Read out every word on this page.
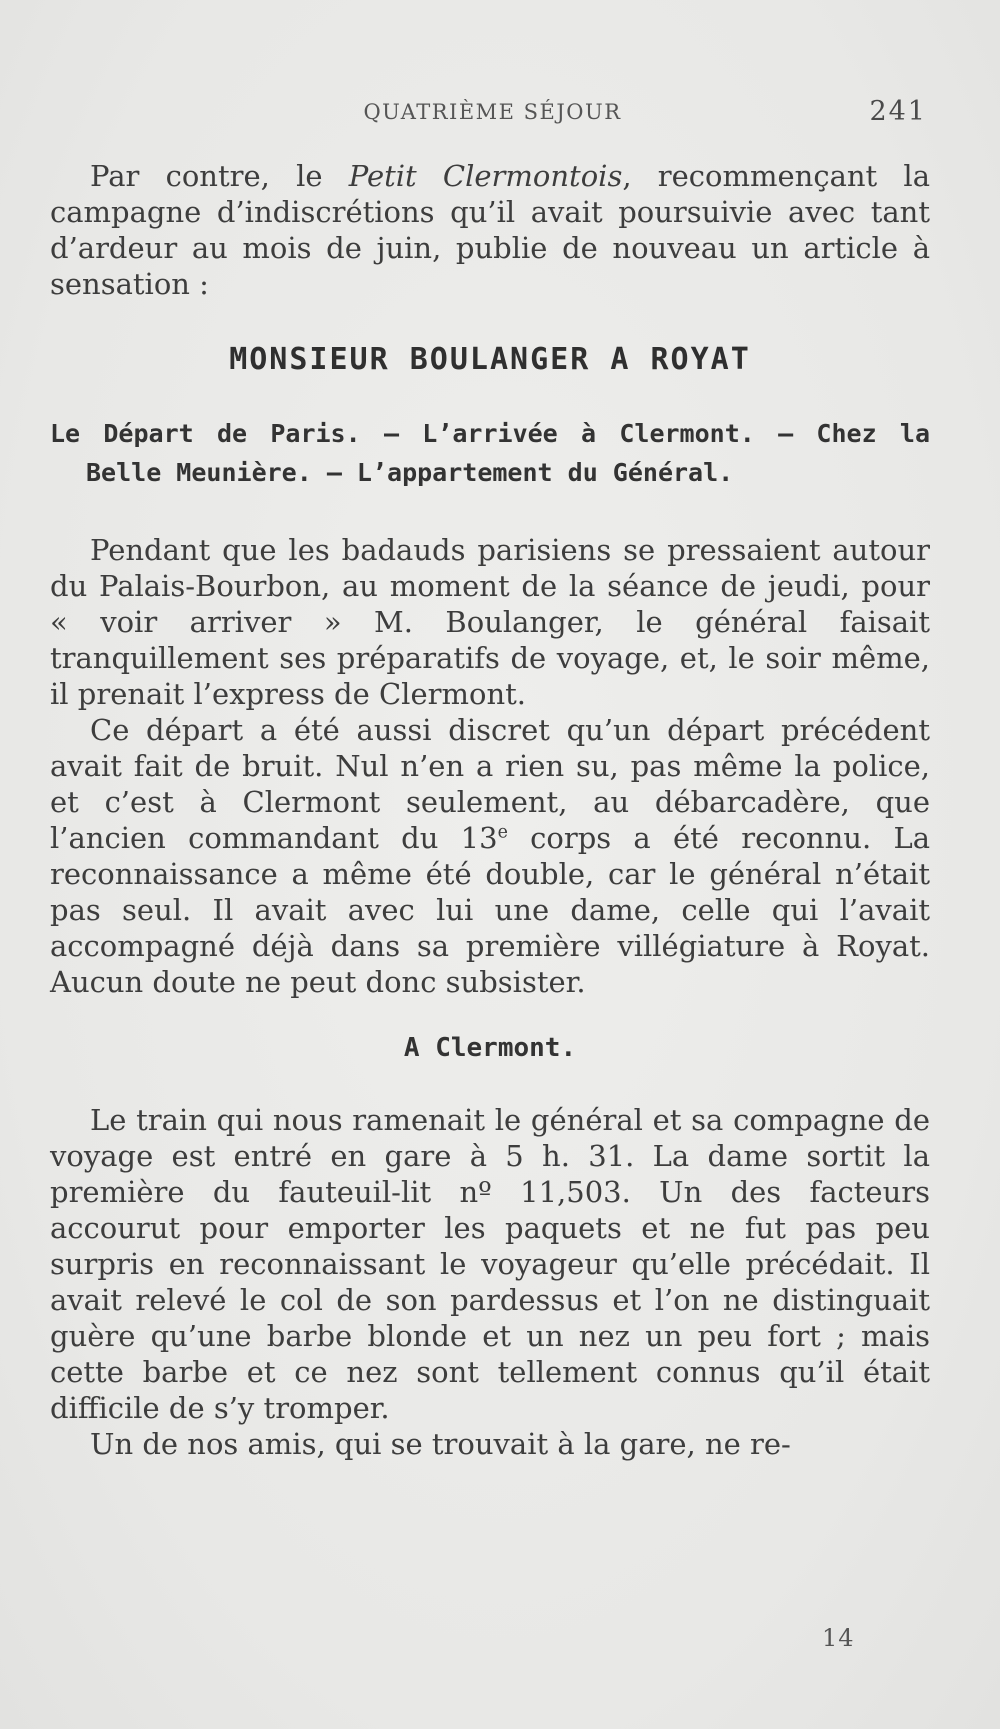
QUATRIÈME SÉJOUR	241

Par contre, le Petit Clermontois, recommençant la campagne d’indiscrétions qu’il avait poursuivie avec tant d’ardeur au mois de juin, publie de nouveau un article à sensation :

MONSIEUR BOULANGER A ROYAT
Le Départ de Paris. — L’arrivée à Clermont. — Chez la Belle Meunière. — L’appartement du Général.

Pendant que les badauds parisiens se pressaient autour du Palais-Bourbon, au moment de la séance de jeudi, pour « voir arriver » M. Boulanger, le général faisait tranquillement ses préparatifs de voyage, et, le soir même, il prenait l’express de Clermont.

Ce départ a été aussi discret qu’un départ précédent avait fait de bruit. Nul n’en a rien su, pas même la police, et c’est à Clermont seulement, au débarcadère, que l’ancien commandant du 13e corps a été reconnu. La reconnaissance a même été double, car le général n’était pas seul. Il avait avec lui une dame, celle qui l’avait accompagné déjà dans sa première villégiature à Royat. Aucun doute ne peut donc subsister.

A Clermont.

Le train qui nous ramenait le général et sa compagne de voyage est entré en gare à 5 h. 31. La dame sortit la première du fauteuil-lit nº 11,503. Un des facteurs accourut pour emporter les paquets et ne fut pas peu surpris en reconnaissant le voyageur qu’elle précédait. Il avait relevé le col de son pardessus et l’on ne distinguait guère qu’une barbe blonde et un nez un peu fort ; mais cette barbe et ce nez sont tellement connus qu’il était difficile de s’y tromper.

Un de nos amis, qui se trouvait à la gare, ne re-

14
